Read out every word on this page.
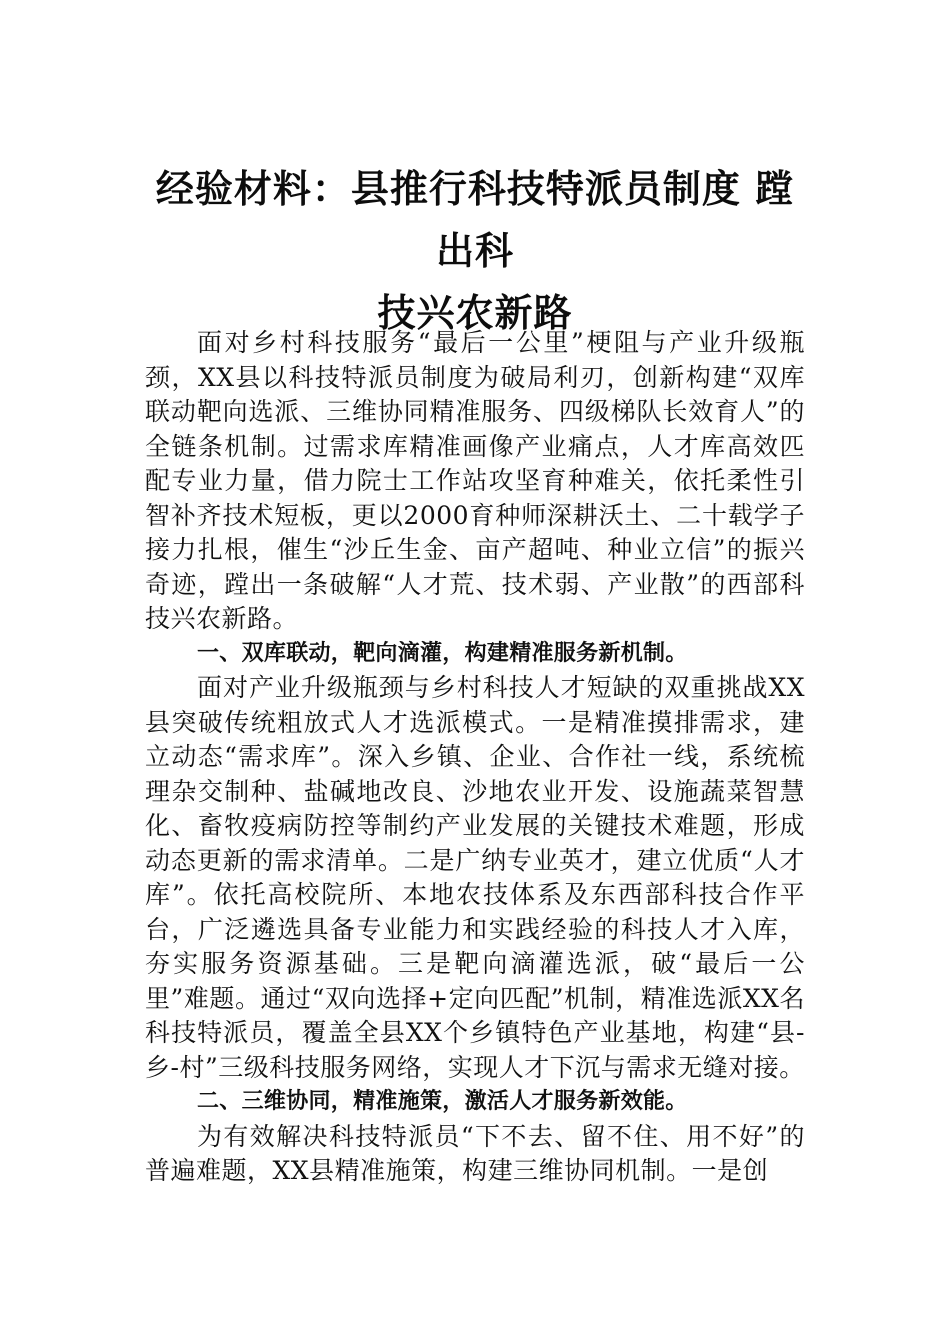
经验材料：县推行科技特派员制度 蹚出科
技兴农新路

面对乡村科技服务“最后一公里”梗阻与产业升级瓶颈，XX县以科技特派员制度为破局利刃，创新构建“双库联动靶向选派、三维协同精准服务、四级梯队长效育人”的全链条机制。过需求库精准画像产业痛点，人才库高效匹配专业力量，借力院士工作站攻坚育种难关，依托柔性引智补齐技术短板，更以2000育种师深耕沃土、二十载学子接力扎根，催生“沙丘生金、亩产超吨、种业立信”的振兴奇迹，蹚出一条破解“人才荒、技术弱、产业散”的西部科技兴农新路。

一、双库联动，靶向滴灌，构建精准服务新机制。

面对产业升级瓶颈与乡村科技人才短缺的双重挑战XX县突破传统粗放式人才选派模式。一是精准摸排需求，建立动态“需求库”。深入乡镇、企业、合作社一线，系统梳理杂交制种、盐碱地改良、沙地农业开发、设施蔬菜智慧化、畜牧疫病防控等制约产业发展的关键技术难题，形成动态更新的需求清单。二是广纳专业英才，建立优质“人才库”。依托高校院所、本地农技体系及东西部科技合作平台，广泛遴选具备专业能力和实践经验的科技人才入库，夯实服务资源基础。三是靶向滴灌选派，破“最后一公里”难题。通过“双向选择+定向匹配”机制，精准选派XX名科技特派员，覆盖全县XX个乡镇特色产业基地，构建“县-乡-村”三级科技服务网络，实现人才下沉与需求无缝对接。

二、三维协同，精准施策，激活人才服务新效能。

为有效解决科技特派员“下不去、留不住、用不好”的普遍难题，XX县精准施策，构建三维协同机制。一是创
